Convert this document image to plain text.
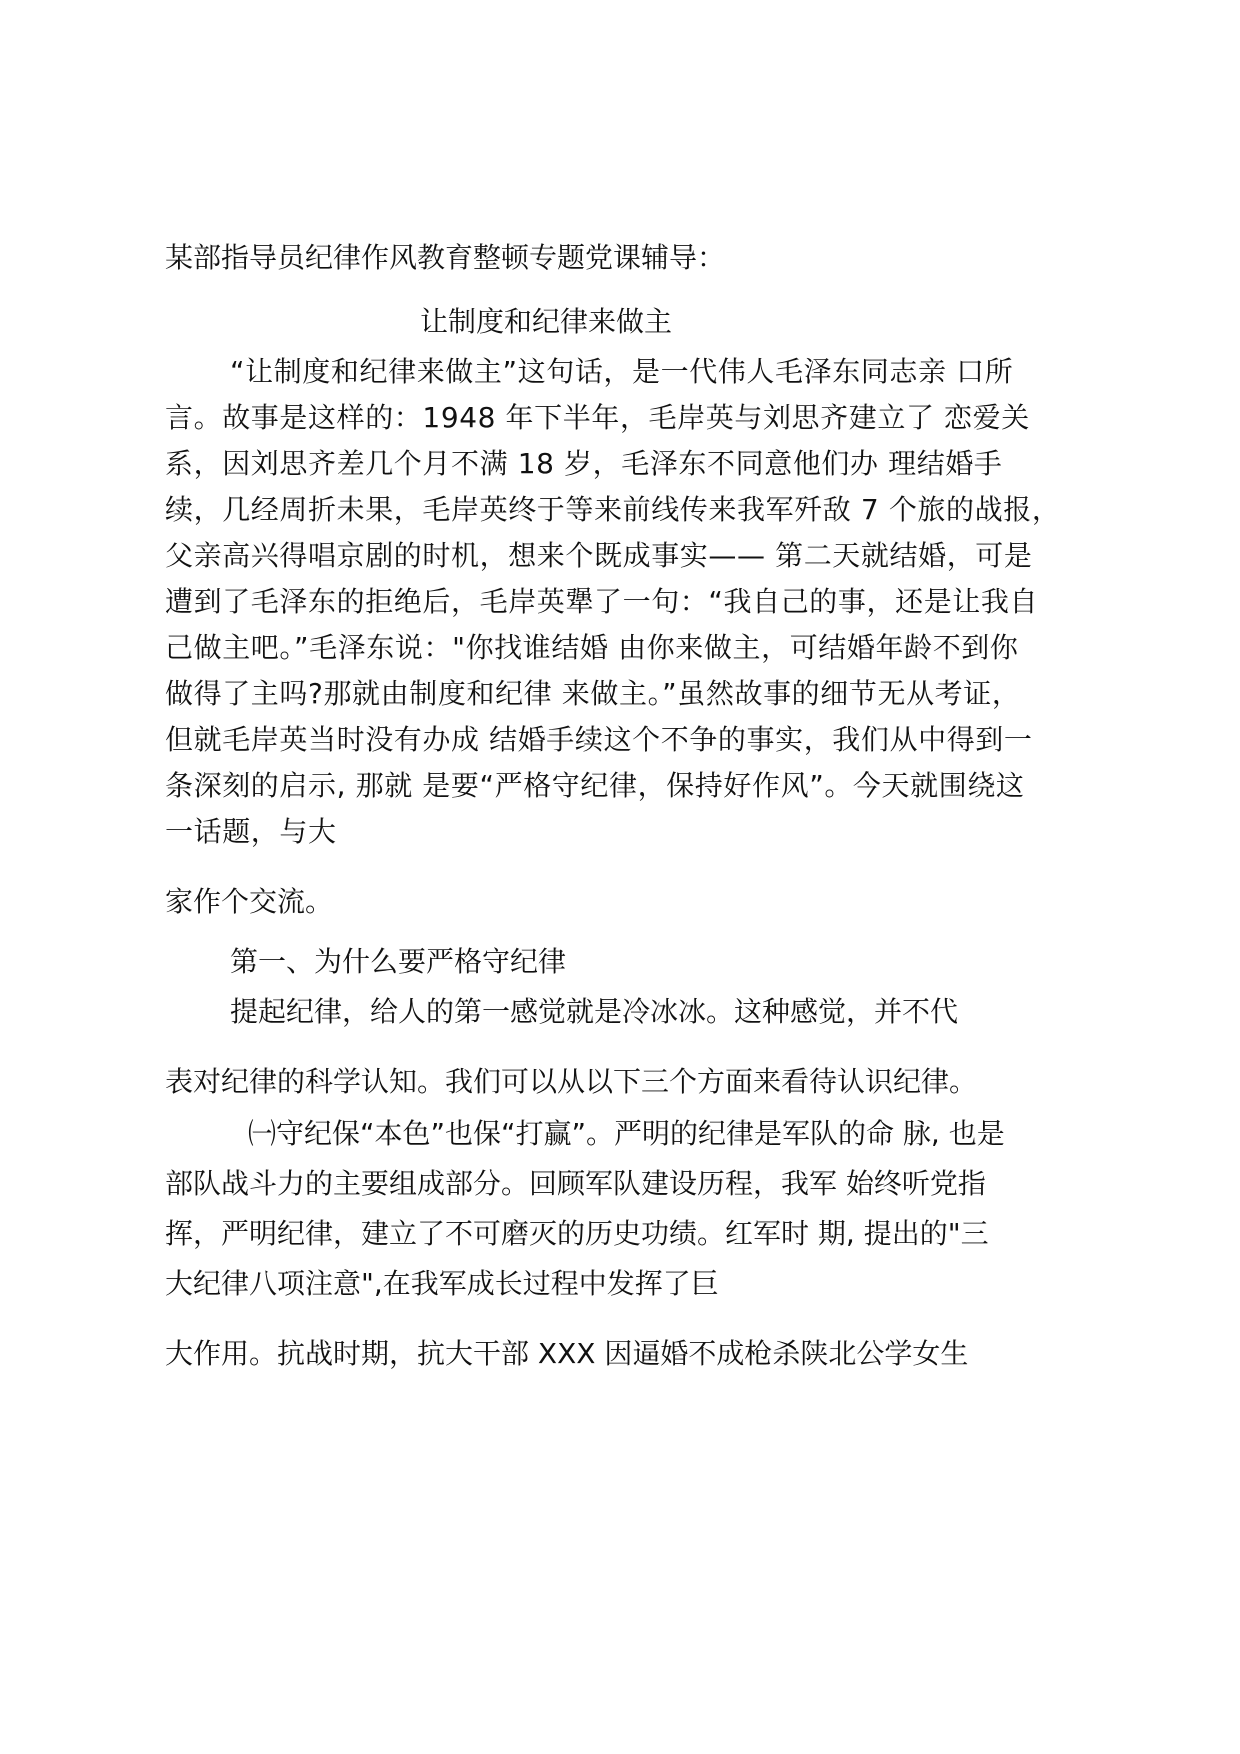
某部指导员纪律作风教育整顿专题党课辅导：
让制度和纪律来做主
“让制度和纪律来做主”这句话，是一代伟人毛泽东同志亲 口所
言。故事是这样的：1948 年下半年，毛岸英与刘思齐建立了 恋爱关
系，因刘思齐差几个月不满 18 岁，毛泽东不同意他们办 理结婚手
续，几经周折未果，毛岸英终于等来前线传来我军歼敌 7 个旅的战报，
父亲高兴得唱京剧的时机，想来个既成事实—— 第二天就结婚，可是
遭到了毛泽东的拒绝后，毛岸英犟了一句：“我自己的事，还是让我自
己做主吧。”毛泽东说："你找谁结婚 由你来做主，可结婚年龄不到你
做得了主吗?那就由制度和纪律 来做主。”虽然故事的细节无从考证，
但就毛岸英当时没有办成 结婚手续这个不争的事实，我们从中得到一
条深刻的启示, 那就 是要“严格守纪律，保持好作风”。今天就围绕这
一话题，与大
家作个交流。
第一、为什么要严格守纪律
提起纪律，给人的第一感觉就是冷冰冰。这种感觉，并不代
表对纪律的科学认知。我们可以从以下三个方面来看待认识纪律。
㈠守纪保“本色”也保“打赢”。严明的纪律是军队的命 脉, 也是
部队战斗力的主要组成部分。回顾军队建设历程，我军 始终听党指
挥，严明纪律，建立了不可磨灭的历史功绩。红军时 期, 提出的"三
大纪律八项注意",在我军成长过程中发挥了巨
大作用。抗战时期，抗大干部 XXX 因逼婚不成枪杀陕北公学女生
